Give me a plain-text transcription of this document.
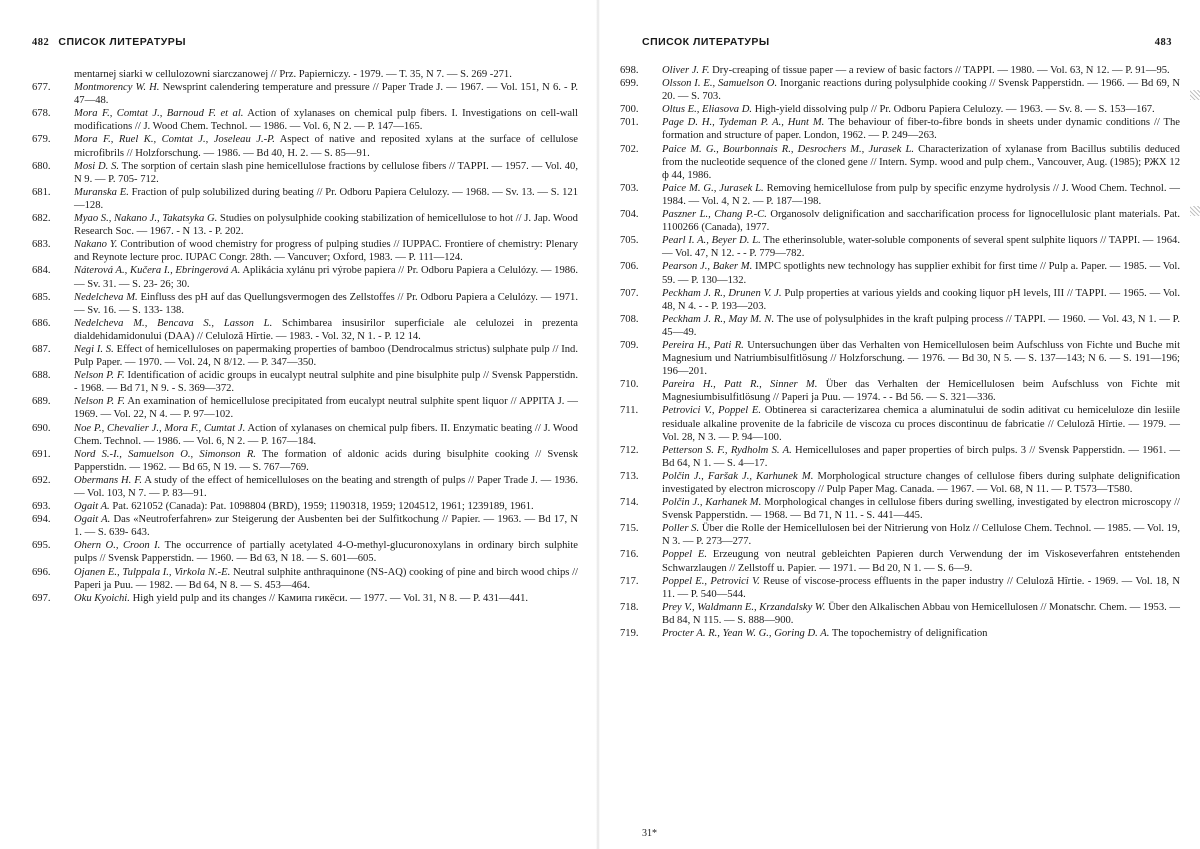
482 СПИСОК ЛИТЕРАТУРЫ
mentarnej siarki w cellulozowni siarczanowej // Prz. Papierniczy. - 1979. — T. 35, N 7. — S. 269 -271.
677.	Montmorency W. H. Newsprint calendering temperature and pressure // Paper Trade J. — 1967. — Vol. 151, N 6. - P. 47—48.
678.	Mora F., Comtat J., Barnoud F. et al. Action of xylanases on chemical pulp fibers. I. Investigations on cell-wall modifications // J. Wood Chem. Technol. — 1986. — Vol. 6, N 2. — P. 147—165.
679.	Mora F., Ruel K., Comtat J., Joseleau J.-P. Aspect of native and reposited xylans at the surface of cellulose microfibrils // Holzforschung. — 1986. — Bd 40, H. 2. — S. 85—91.
680.	Mosi D. S. The sorption of certain slash pine hemicellulose fractions by cellulose fibers // TAPPI. — 1957. — Vol. 40, N 9. — P. 705- 712.
681.	Muranska E. Fraction of pulp solubilized during beating // Pr. Odboru Papiera Celulozy. — 1968. — Sv. 13. — S. 121—128.
682.	Myao S., Nakano J., Takatsyka G. Studies on polysulphide cooking stabilization of hemicellulose to hot // J. Jap. Wood Research Soc. — 1967. - N 13. - P. 202.
683.	Nakano Y. Contribution of wood chemistry for progress of pulping studies // IUPPAC. Frontiere of chemistry: Plenary and Reynote lecture proc. IUPAC Congr. 28th. — Vancuver; Oxford, 1983. — P. 111—124.
684.	Náterová A., Kučera I., Ebringerová A. Aplikácia xylánu pri výrobe papiera // Pr. Odboru Papiera a Celulózy. — 1986. — Sv. 31. — S. 23- 26; 30.
685.	Nedelcheva M. Einfluss des pH auf das Quellungsvermogen des Zellstoffes // Pr. Odboru Papiera a Celulózy. — 1971. — Sv. 16. — S. 133- 138.
686.	Nedelcheva M., Bencava S., Lasson L. Schimbarea insusirilor superficiale ale celulozei in prezenta dialdehidamidonului (DAA) // Celuloză Hîrtie. — 1983. - Vol. 32, N 1. - P. 12 14.
687.	Negi I. S. Effect of hemicelluloses on papermaking properties of bamboo (Dendrocalmus strictus) sulphate pulp // Ind. Pulp Paper. — 1970. — Vol. 24, N 8/12. — P. 347—350.
688.	Nelson P. F. Identification of acidic groups in eucalypt neutral sulphite and pine bisulphite pulp // Svensk Papperstidn. - 1968. — Bd 71, N 9. - S. 369—372.
689.	Nelson P. F. An examination of hemicellulose precipitated from eucalypt neutral sulphite spent liquor // APPITA J. — 1969. — Vol. 22, N 4. — P. 97—102.
690.	Noe P., Chevalier J., Mora F., Cumtat J. Action of xylanases on chemical pulp fibers. II. Enzymatic beating // J. Wood Chem. Technol. — 1986. — Vol. 6, N 2. — P. 167—184.
691.	Nord S.-I., Samuelson O., Simonson R. The formation of aldonic acids during bisulphite cooking // Svensk Papperstidn. — 1962. — Bd 65, N 19. — S. 767—769.
692.	Obermans H. F. A study of the effect of hemicelluloses on the beating and strength of pulps // Paper Trade J. — 1936. — Vol. 103, N 7. — P. 83—91.
693.	Ogait A. Pat. 621052 (Canada): Pat. 1098804 (BRD), 1959; 1190318, 1959; 1204512, 1961; 1239189, 1961.
694.	Ogait A. Das «Neutroferfahren» zur Steigerung der Ausbenten bei der Sulfitkochung // Papier. — 1963. — Bd 17, N 1. — S. 639- 643.
695.	Ohern O., Croon I. The occurrence of partially acetylated 4-O-methyl-glucuronoxylans in ordinary birch sulphite pulps // Svensk Papperstidn. — 1960. — Bd 63, N 18. — S. 601—605.
696.	Ojanen E., Tulppala I., Virkola N.-E. Neutral sulphite anthraquinone (NS-AQ) cooking of pine and birch wood chips // Paperi ja Puu. — 1982. — Bd 64, N 8. — S. 453—464.
697.	Oku Kyoichi. High yield pulp and its changes // Камипа гикёси. — 1977. — Vol. 31, N 8. — P. 431—441.
СПИСОК ЛИТЕРАТУРЫ	483
698.	Oliver J. F. Dry-creaping of tissue paper — a review of basic factors // TAPPI. — 1980. — Vol. 63, N 12. — P. 91—95.
699.	Olsson I. E., Samuelson O. Inorganic reactions during polysulphide cooking // Svensk Papperstidn. — 1966. — Bd 69, N 20. — S. 703.
700.	Oltus E., Eliasova D. High-yield dissolving pulp // Pr. Odboru Papiera Celulozy. — 1963. — Sv. 8. — S. 153—167.
701.	Page D. H., Tydeman P. A., Hunt M. The behaviour of fiber-to-fibre bonds in sheets under dynamic conditions // The formation and structure of paper. London, 1962. — P. 249—263.
702.	Paice M. G., Bourbonnais R., Desrochers M., Jurasek L. Characterization of xylanase from Bacillus subtilis deduced from the nucleotide sequence of the cloned gene // Intern. Symp. wood and pulp chem., Vancouver, Aug. (1985); РЖХ 12 ф 44, 1986.
703.	Paice M. G., Jurasek L. Removing hemicellulose from pulp by specific enzyme hydrolysis // J. Wood Chem. Technol. — 1984. — Vol. 4, N 2. — P. 187—198.
704.	Paszner L., Chang P.-C. Organosolv delignification and saccharification process for lignocellulosic plant materials. Pat. 1100266 (Canada), 1977.
705.	Pearl I. A., Beyer D. L. The etherinsoluble, water-soluble components of several spent sulphite liquors // TAPPI. — 1964. — Vol. 47, N 12. - - P. 779—782.
706.	Pearson J., Baker M. IMPC spotlights new technology has supplier exhibit for first time // Pulp a. Paper. — 1985. — Vol. 59. — P. 130—132.
707.	Peckham J. R., Drunen V. J. Pulp properties at various yields and cooking liquor pH levels, III // TAPPI. — 1965. — Vol. 48, N 4. - - P. 193—203.
708.	Peckham J. R., May M. N. The use of polysulphides in the kraft pulping process // TAPPI. — 1960. — Vol. 43, N 1. — P. 45—49.
709.	Pereira H., Pati R. Untersuchungen über das Verhalten von Hemicellulosen beim Aufschluss von Fichte und Buche mit Magnesium und Natriumbisulfitlösung // Holzforschung. — 1976. — Bd 30, N 5. — S. 137—143; N 6. — S. 191—196; 196—201.
710.	Pareira H., Patt R., Sinner M. Über das Verhalten der Hemicellulosen beim Aufschluss von Fichte mit Magnesiumbisulfitlösung // Paperi ja Puu. — 1974. - - Bd 56. — S. 321—336.
711.	Petrovici V., Poppel E. Obtinerea si caracterizarea chemica a aluminatului de sodin aditivat cu hemiceluloze din lesiile residuale alkaline provenite de la fabricile de viscoza cu proces discontinuu de fabricatie // Celuloză Hîrtie. — 1979. — Vol. 28, N 3. — P. 94—100.
712.	Petterson S. F., Rydholm S. A. Hemicelluloses and paper properties of birch pulps. 3 // Svensk Papperstidn. — 1961. — Bd 64, N 1. — S. 4—17.
713.	Polčin J., Faršak J., Karhunek M. Morphological structure changes of cellulose fibers during sulphate delignification investigated by electron microscopy // Pulp Paper Mag. Canada. — 1967. — Vol. 68, N 11. — P. T573—T580.
714.	Polčin J., Karhanek M. Morphological changes in cellulose fibers during swelling, investigated by electron microscopy // Svensk Papperstidn. — 1968. — Bd 71, N 11. - S. 441—445.
715.	Poller S. Über die Rolle der Hemicellulosen bei der Nitrierung von Holz // Cellulose Chem. Technol. — 1985. — Vol. 19, N 3. — P. 273—277.
716.	Poppel E. Erzeugung von neutral gebleichten Papieren durch Verwendung der im Viskoseverfahren entstehenden Schwarzlaugen // Zellstoff u. Papier. — 1971. — Bd 20, N 1. — S. 6—9.
717.	Poppel E., Petrovici V. Reuse of viscose-process effluents in the paper industry // Celuloză Hîrtie. - 1969. — Vol. 18, N 11. — P. 540—544.
718.	Prey V., Waldmann E., Krzandalsky W. Über den Alkalischen Abbau von Hemicellulosen // Monatschr. Chem. — 1953. — Bd 84, N 115. — S. 888—900.
719.	Procter A. R., Yean W. G., Goring D. A. The topochemistry of delignification
31*
